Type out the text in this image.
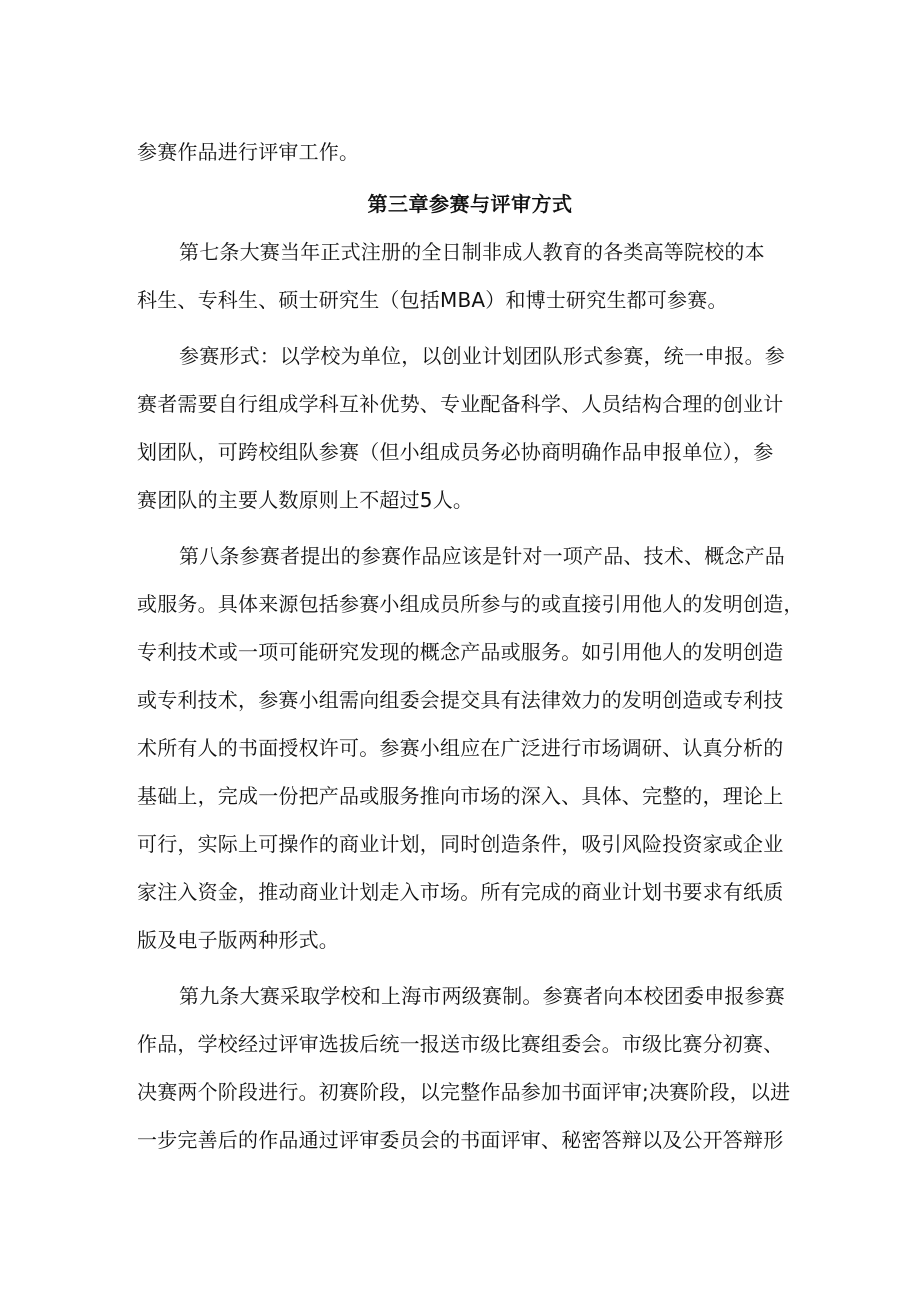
参赛作品进行评审工作。
第三章参赛与评审方式
第七条大赛当年正式注册的全日制非成人教育的各类高等院校的本
科生、专科生、硕士研究生（包括MBA）和博士研究生都可参赛。
参赛形式：以学校为单位，以创业计划团队形式参赛，统一申报。参
赛者需要自行组成学科互补优势、专业配备科学、人员结构合理的创业计
划团队，可跨校组队参赛（但小组成员务必协商明确作品申报单位），参
赛团队的主要人数原则上不超过5人。
第八条参赛者提出的参赛作品应该是针对一项产品、技术、概念产品
或服务。具体来源包括参赛小组成员所参与的或直接引用他人的发明创造，
专利技术或一项可能研究发现的概念产品或服务。如引用他人的发明创造
或专利技术，参赛小组需向组委会提交具有法律效力的发明创造或专利技
术所有人的书面授权许可。参赛小组应在广泛进行市场调研、认真分析的
基础上，完成一份把产品或服务推向市场的深入、具体、完整的，理论上
可行，实际上可操作的商业计划，同时创造条件，吸引风险投资家或企业
家注入资金，推动商业计划走入市场。所有完成的商业计划书要求有纸质
版及电子版两种形式。
第九条大赛采取学校和上海市两级赛制。参赛者向本校团委申报参赛
作品，学校经过评审选拔后统一报送市级比赛组委会。市级比赛分初赛、
决赛两个阶段进行。初赛阶段，以完整作品参加书面评审;决赛阶段，以进
一步完善后的作品通过评审委员会的书面评审、秘密答辩以及公开答辩形
